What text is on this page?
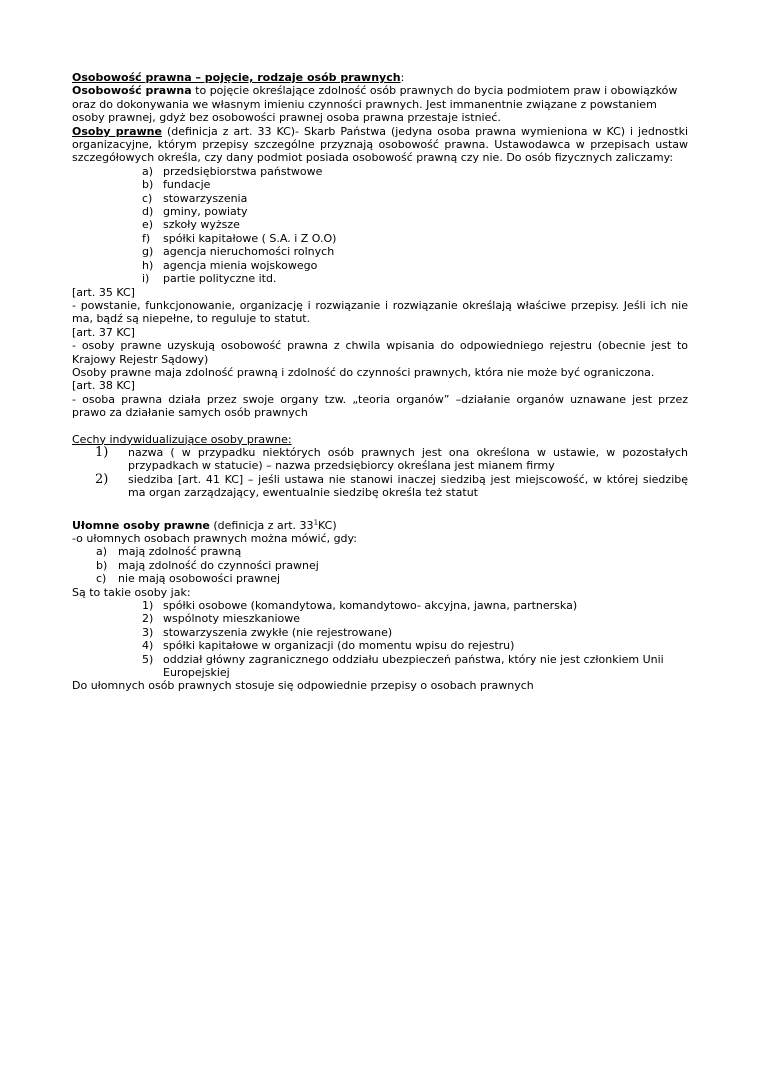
Osobowość prawna – pojęcie, rodzaje osób prawnych:

Osobowość prawna to pojęcie określające zdolność osób prawnych do bycia podmiotem praw i obowiązków oraz do dokonywania we własnym imieniu czynności prawnych. Jest immanentnie związane z powstaniem osoby prawnej, gdyż bez osobowości prawnej osoba prawna przestaje istnieć.

Osoby prawne (definicja z art. 33 KC)- Skarb Państwa (jedyna osoba prawna wymieniona w KC) i jednostki organizacyjne, którym przepisy szczególne przyznają osobowość prawna. Ustawodawca w przepisach ustaw szczegółowych określa, czy dany podmiot posiada osobowość prawną czy nie. Do osób fizycznych zaliczamy:

a) przedsiębiorstwa państwowe
b) fundacje
c) stowarzyszenia
d) gminy, powiaty
e) szkoły wyższe
f)	spółki kapitałowe ( S.A. i Z O.O)
g) agencja nieruchomości rolnych
h) agencja mienia wojskowego
i)	partie polityczne itd.

[art. 35 KC]

- powstanie, funkcjonowanie, organizację i rozwiązanie i rozwiązanie określają właściwe przepisy. Jeśli ich nie ma, bądź są niepełne, to reguluje to statut.

[art. 37 KC]

- osoby prawne uzyskują osobowość prawna z chwila wpisania do odpowiedniego rejestru (obecnie jest to Krajowy Rejestr Sądowy)

Osoby prawne maja zdolność prawną i zdolność do czynności prawnych, która nie może być ograniczona.

[art. 38 KC]

- osoba prawna działa przez swoje organy tzw. „teoria organów” –działanie organów uznawane jest przez prawo za działanie samych osób prawnych

Cechy indywidualizujące osoby prawne:

1)	nazwa ( w przypadku niektórych osób prawnych jest ona określona w ustawie, w pozostałych przypadkach w statucie) – nazwa przedsiębiorcy określana jest mianem firmy
2)	siedziba [art. 41 KC] – jeśli ustawa nie stanowi inaczej siedzibą jest miejscowość, w której siedzibę ma organ zarządzający, ewentualnie siedzibę określa też statut

Ułomne osoby prawne (definicja z art. $33^1KC$)

-o ułomnych osobach prawnych można mówić, gdy:

a) mają zdolność prawną
b) mają zdolność do czynności prawnej
c)	nie mają osobowości prawnej

Są to takie osoby jak:

1) spółki osobowe (komandytowa, komandytowo- akcyjna, jawna, partnerska)
2) wspólnoty mieszkaniowe
3) stowarzyszenia zwykłe (nie rejestrowane)
4) spółki kapitałowe w organizacji (do momentu wpisu do rejestru)
5) oddział główny zagranicznego oddziału ubezpieczeń państwa, który nie jest członkiem Unii Europejskiej

Do ułomnych osób prawnych stosuje się odpowiednie przepisy o osobach prawnych
